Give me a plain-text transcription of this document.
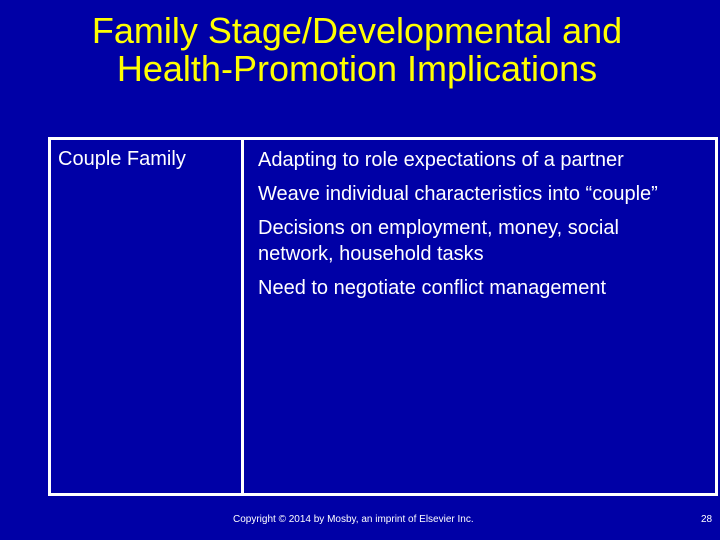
Family Stage/Developmental and
Health-Promotion Implications
Couple Family	Adapting to role expectations of a partner
Weave individual characteristics into “couple”
Decisions on employment, money, social network, household tasks
Need to negotiate conflict management
Copyright © 2014 by Mosby, an imprint of Elsevier Inc.	28
